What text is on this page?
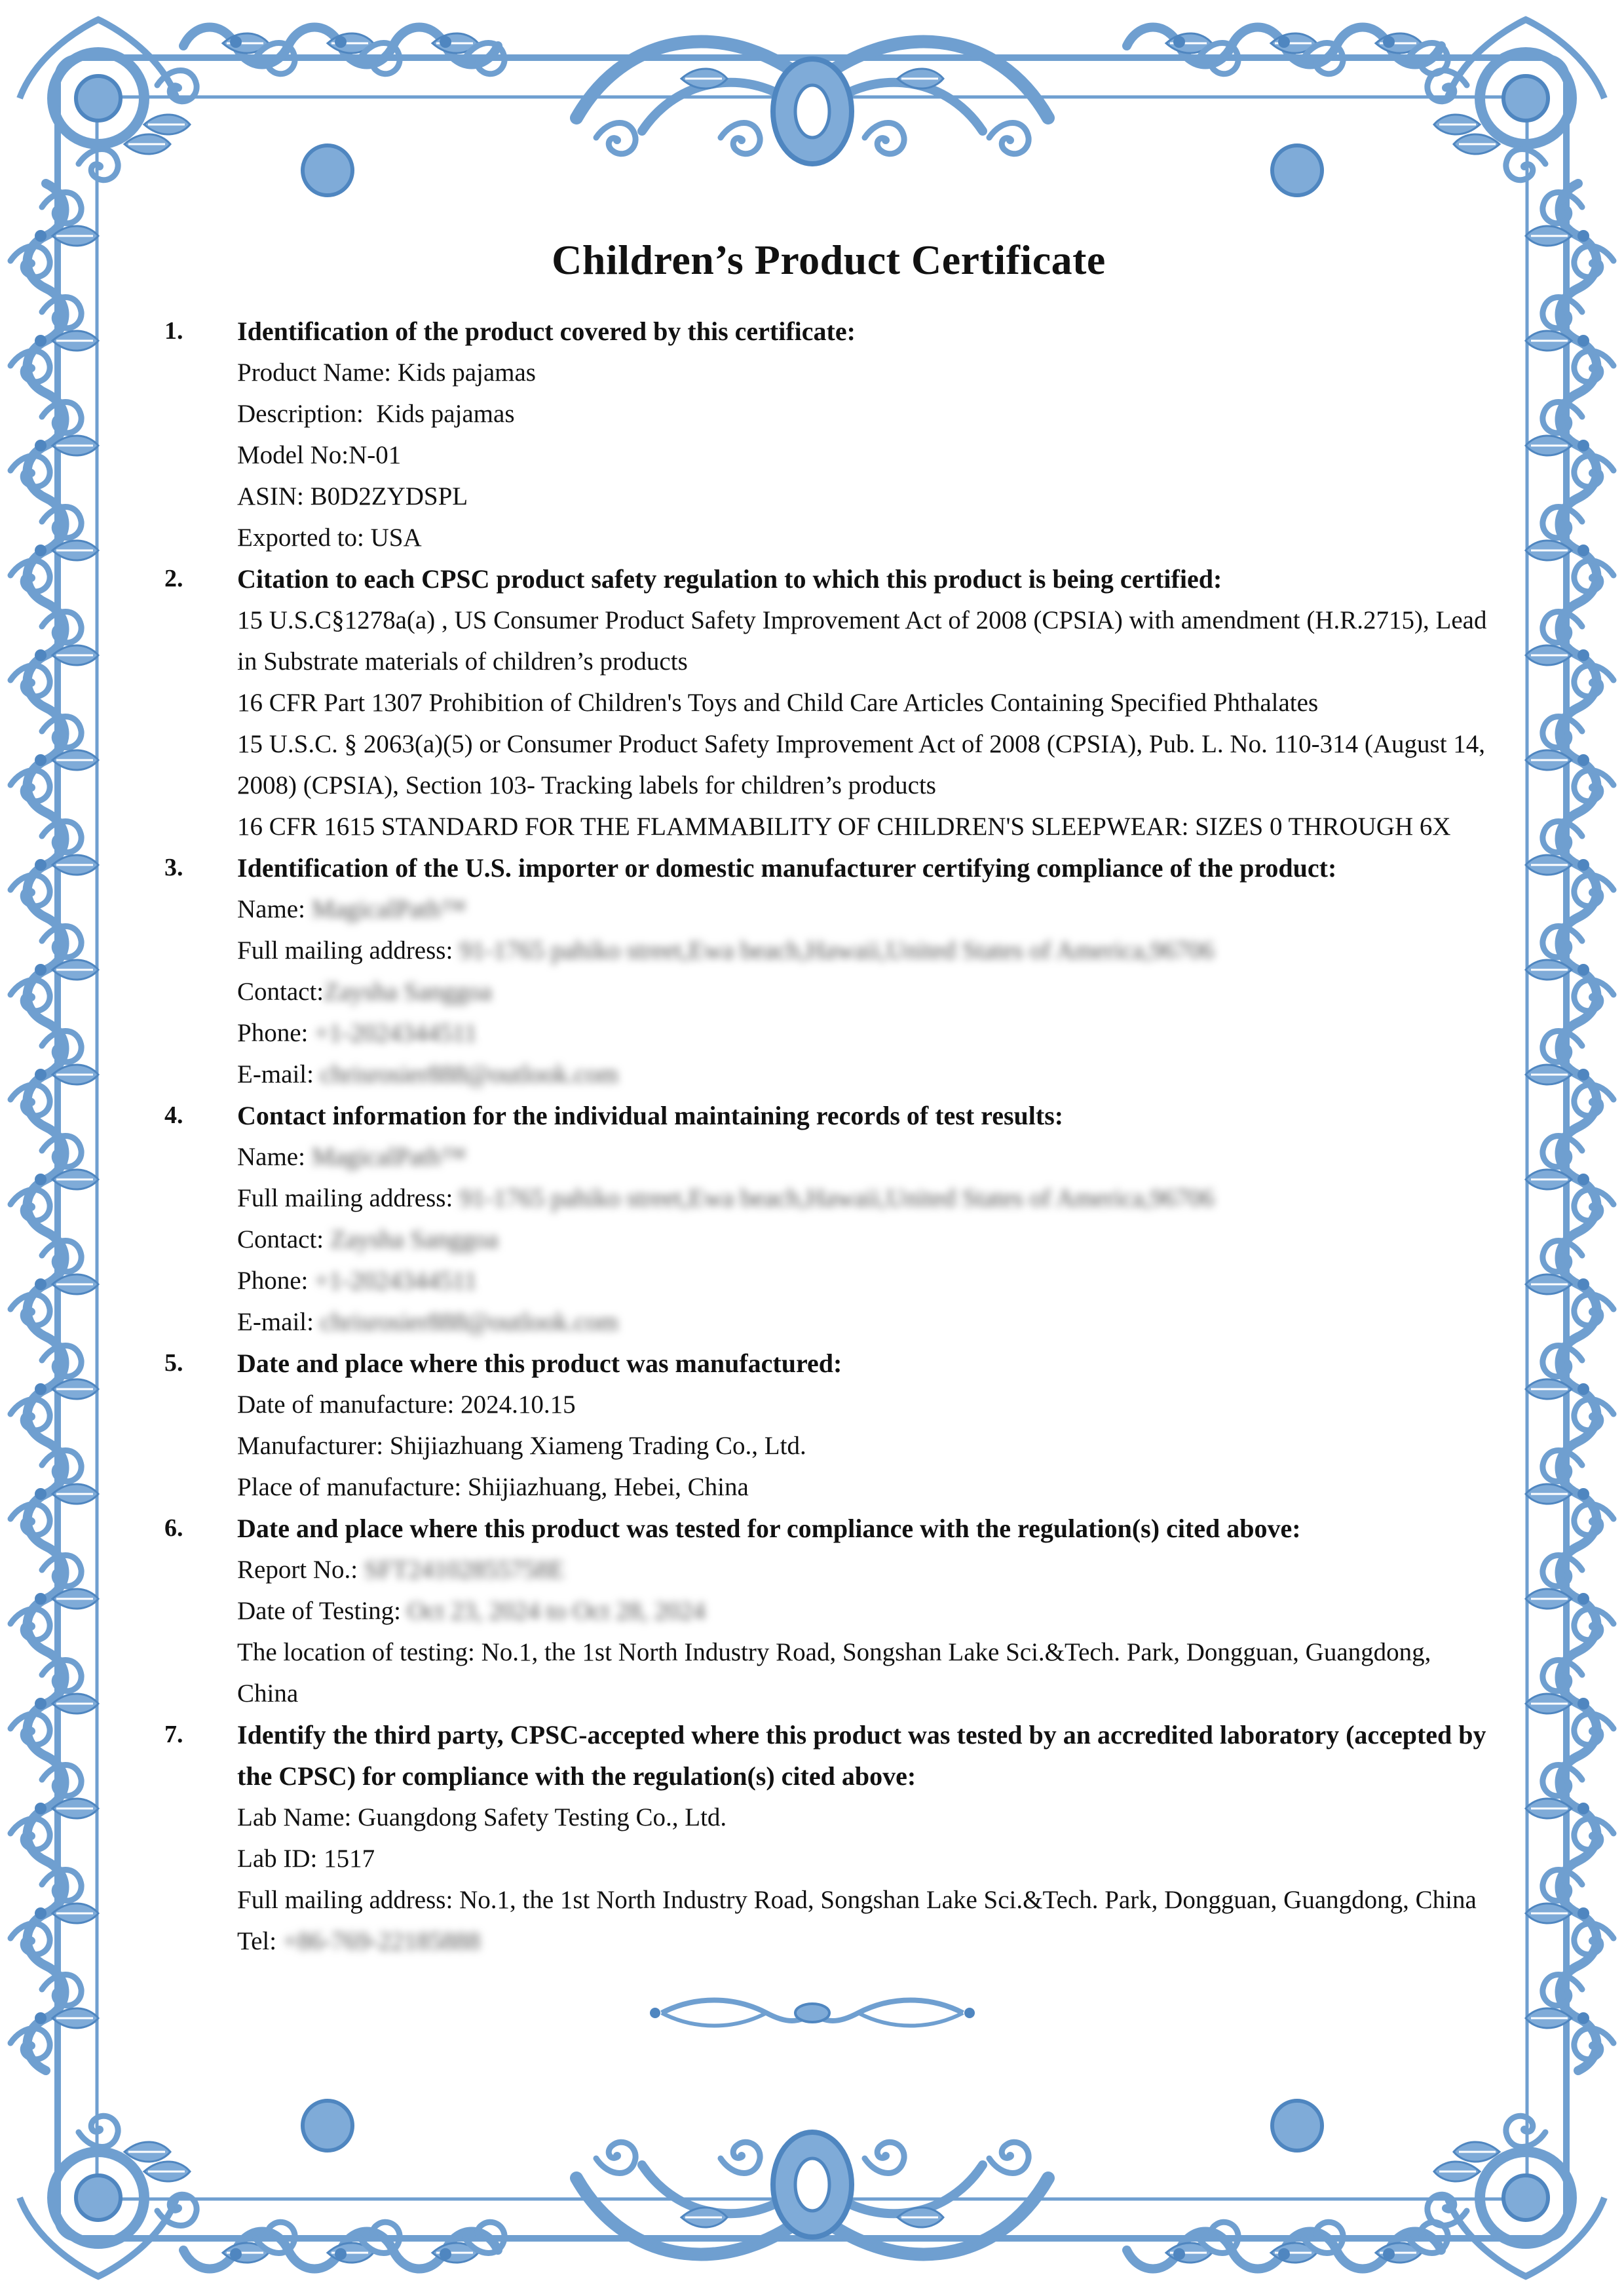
Children’s Product Certificate
1. Identification of the product covered by this certificate:
Product Name: Kids pajamas
Description:  Kids pajamas
Model No:N-01
ASIN: B0D2ZYDSPL
Exported to: USA
2. Citation to each CPSC product safety regulation to which this product is being certified:
15 U.S.C§1278a(a) , US Consumer Product Safety Improvement Act of 2008 (CPSIA) with amendment (H.R.2715), Lead in Substrate materials of children’s products
16 CFR Part 1307 Prohibition of Children's Toys and Child Care Articles Containing Specified Phthalates
15 U.S.C. § 2063(a)(5) or Consumer Product Safety Improvement Act of 2008 (CPSIA), Pub. L. No. 110-314 (August 14, 2008) (CPSIA), Section 103- Tracking labels for children’s products
16 CFR 1615 STANDARD FOR THE FLAMMABILITY OF CHILDREN'S SLEEPWEAR: SIZES 0 THROUGH 6X
3. Identification of the U.S. importer or domestic manufacturer certifying compliance of the product:
Name: MagicalPath™
Full mailing address: 91-1765 pahiko street,Ewa beach,Hawaii,United States of America,96706
Contact:Zaysha Sanggoa
Phone: +1-2024344511
E-mail: chrisrosier888@outlook.com
4. Contact information for the individual maintaining records of test results:
Name: MagicalPath™
Full mailing address: 91-1765 pahiko street,Ewa beach,Hawaii,United States of America,96706
Contact: Zaysha Sanggoa
Phone: +1-2024344511
E-mail: chrisrosier888@outlook.com
5. Date and place where this product was manufactured:
Date of manufacture: 2024.10.15
Manufacturer: Shijiazhuang Xiameng Trading Co., Ltd.
Place of manufacture: Shijiazhuang, Hebei, China
6. Date and place where this product was tested for compliance with the regulation(s) cited above:
Report No.: SFT24102855758E
Date of Testing: Oct 23, 2024 to Oct 28, 2024
The location of testing: No.1, the 1st North Industry Road, Songshan Lake Sci.&Tech. Park, Dongguan, Guangdong, China
7. Identify the third party, CPSC-accepted where this product was tested by an accredited laboratory (accepted by the CPSC) for compliance with the regulation(s) cited above:
Lab Name: Guangdong Safety Testing Co., Ltd.
Lab ID: 1517
Full mailing address: No.1, the 1st North Industry Road, Songshan Lake Sci.&Tech. Park, Dongguan, Guangdong, China
Tel: +86-769-22185888
